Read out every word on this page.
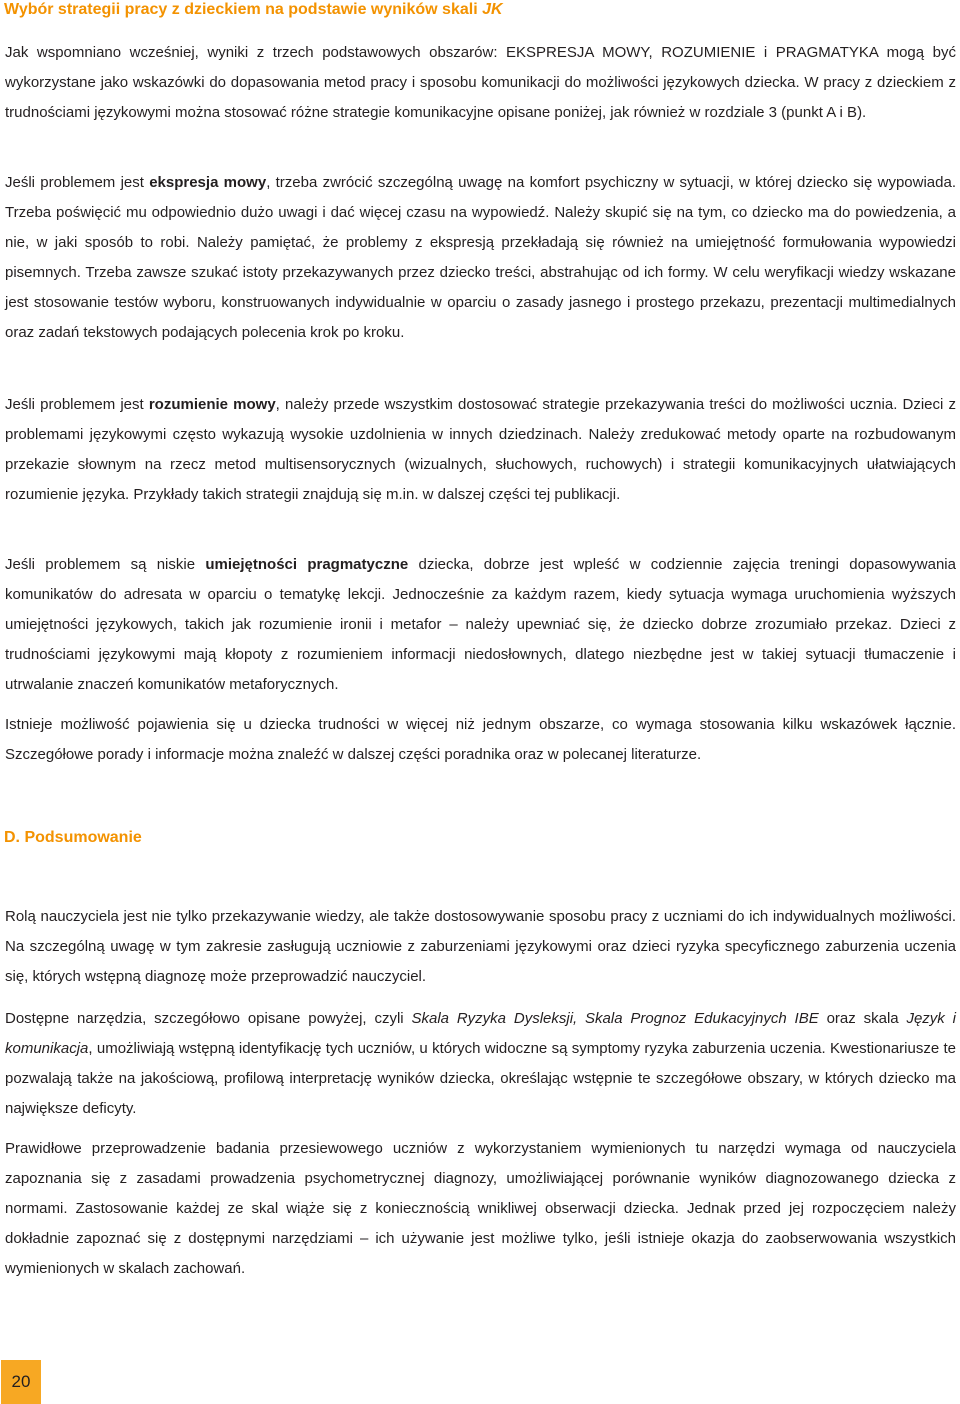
Wybór strategii pracy z dzieckiem na podstawie wyników skali JK

Jak wspomniano wcześniej, wyniki z trzech podstawowych obszarów: EKSPRESJA MOWY, ROZUMIENIE i PRAGMATYKA mogą być wykorzystane jako wskazówki do dopasowania metod pracy i sposobu komunikacji do możliwości językowych dziecka. W pracy z dzieckiem z trudnościami językowymi można stosować różne strategie komunikacyjne opisane poniżej, jak również w rozdziale 3 (punkt A i B).

Jeśli problemem jest ekspresja mowy, trzeba zwrócić szczególną uwagę na komfort psychiczny w sytuacji, w której dziecko się wypowiada. Trzeba poświęcić mu odpowiednio dużo uwagi i dać więcej czasu na wypowiedź. Należy skupić się na tym, co dziecko ma do powiedzenia, a nie, w jaki sposób to robi. Należy pamiętać, że problemy z ekspresją przekładają się również na umiejętność formułowania wypowiedzi pisemnych. Trzeba zawsze szukać istoty przekazywanych przez dziecko treści, abstrahując od ich formy. W celu weryfikacji wiedzy wskazane jest stosowanie testów wyboru, konstruowanych indywidualnie w oparciu o zasady jasnego i prostego przekazu, prezentacji multimedialnych oraz zadań tekstowych podających polecenia krok po kroku.

Jeśli problemem jest rozumienie mowy, należy przede wszystkim dostosować strategie przekazywania treści do możliwości ucznia. Dzieci z problemami językowymi często wykazują wysokie uzdolnienia w innych dziedzinach. Należy zredukować metody oparte na rozbudowanym przekazie słownym na rzecz metod multisensorycznych (wizualnych, słuchowych, ruchowych) i strategii komunikacyjnych ułatwiających rozumienie języka. Przykłady takich strategii znajdują się m.in. w dalszej części tej publikacji.

Jeśli problemem są niskie umiejętności pragmatyczne dziecka, dobrze jest wpleść w codziennie zajęcia treningi dopasowywania komunikatów do adresata w oparciu o tematykę lekcji. Jednocześnie za każdym razem, kiedy sytuacja wymaga uruchomienia wyższych umiejętności językowych, takich jak rozumienie ironii i metafor – należy upewniać się, że dziecko dobrze zrozumiało przekaz. Dzieci z trudnościami językowymi mają kłopoty z rozumieniem informacji niedosłownych, dlatego niezbędne jest w takiej sytuacji tłumaczenie i utrwalanie znaczeń komunikatów metaforycznych.

Istnieje możliwość pojawienia się u dziecka trudności w więcej niż jednym obszarze, co wymaga stosowania kilku wskazówek łącznie. Szczegółowe porady i informacje można znaleźć w dalszej części poradnika oraz w polecanej literaturze.

D. Podsumowanie

Rolą nauczyciela jest nie tylko przekazywanie wiedzy, ale także dostosowywanie sposobu pracy z uczniami do ich indywidualnych możliwości. Na szczególną uwagę w tym zakresie zasługują uczniowie z zaburzeniami językowymi oraz dzieci ryzyka specyficznego zaburzenia uczenia się, których wstępną diagnozę może przeprowadzić nauczyciel.

Dostępne narzędzia, szczegółowo opisane powyżej, czyli Skala Ryzyka Dysleksji, Skala Prognoz Edukacyjnych IBE oraz skala Język i komunikacja, umożliwiają wstępną identyfikację tych uczniów, u których widoczne są symptomy ryzyka zaburzenia uczenia. Kwestionariusze te pozwalają także na jakościową, profilową interpretację wyników dziecka, określając wstępnie te szczegółowe obszary, w których dziecko ma największe deficyty.

Prawidłowe przeprowadzenie badania przesiewowego uczniów z wykorzystaniem wymienionych tu narzędzi wymaga od nauczyciela zapoznania się z zasadami prowadzenia psychometrycznej diagnozy, umożliwiającej porównanie wyników diagnozowanego dziecka z normami. Zastosowanie każdej ze skal wiąże się z koniecznością wnikliwej obserwacji dziecka. Jednak przed jej rozpoczęciem należy dokładnie zapoznać się z dostępnymi narzędziami – ich używanie jest możliwe tylko, jeśli istnieje okazja do zaobserwowania wszystkich wymienionych w skalach zachowań.

20
